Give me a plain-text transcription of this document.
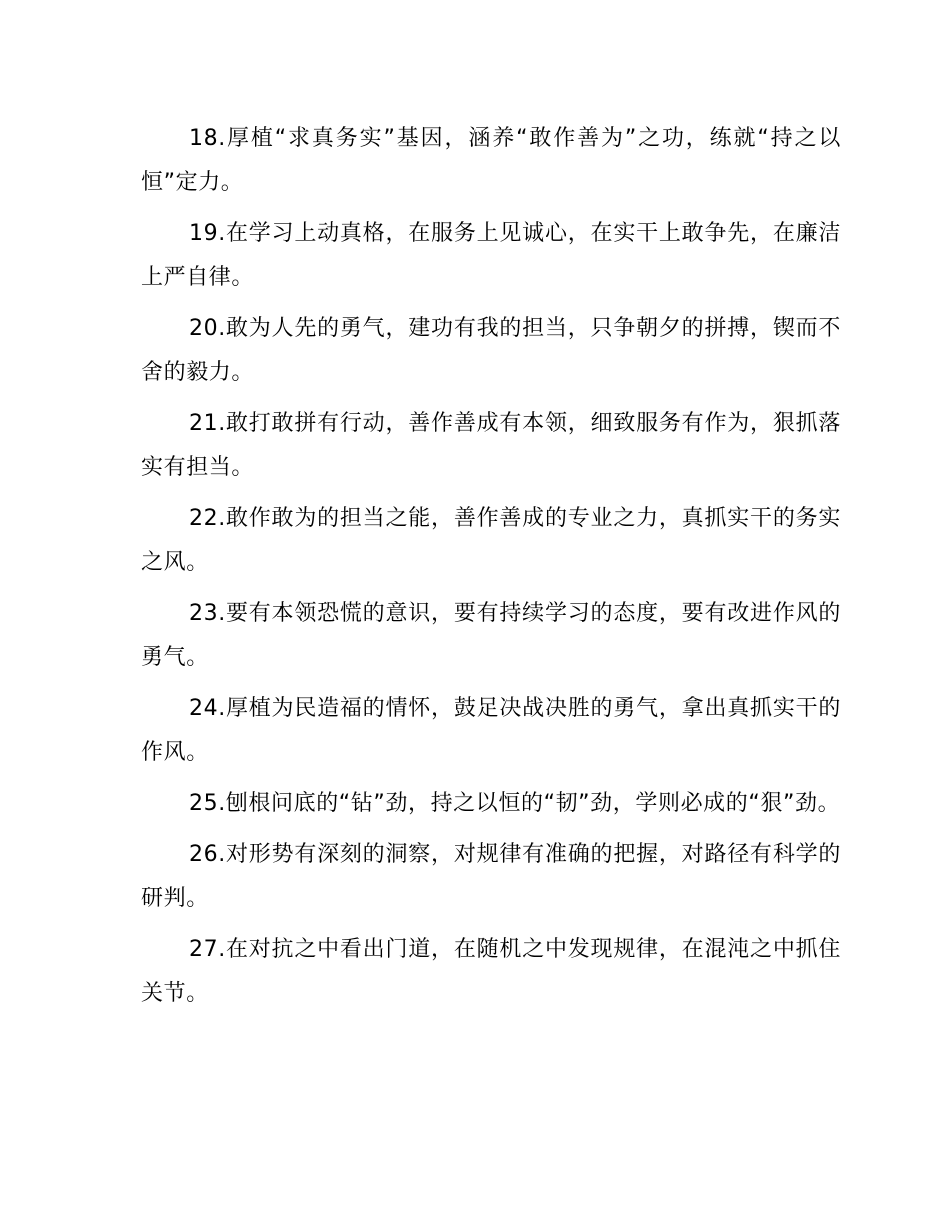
18.厚植“求真务实”基因，涵养“敢作善为”之功，练就“持之以恒”定力。

19.在学习上动真格，在服务上见诚心，在实干上敢争先，在廉洁上严自律。

20.敢为人先的勇气，建功有我的担当，只争朝夕的拼搏，锲而不舍的毅力。

21.敢打敢拼有行动，善作善成有本领，细致服务有作为，狠抓落实有担当。

22.敢作敢为的担当之能，善作善成的专业之力，真抓实干的务实之风。

23.要有本领恐慌的意识，要有持续学习的态度，要有改进作风的勇气。

24.厚植为民造福的情怀，鼓足决战决胜的勇气，拿出真抓实干的作风。

25.刨根问底的“钻”劲，持之以恒的“韧”劲，学则必成的“狠”劲。

26.对形势有深刻的洞察，对规律有准确的把握，对路径有科学的研判。

27.在对抗之中看出门道，在随机之中发现规律，在混沌之中抓住关节。
